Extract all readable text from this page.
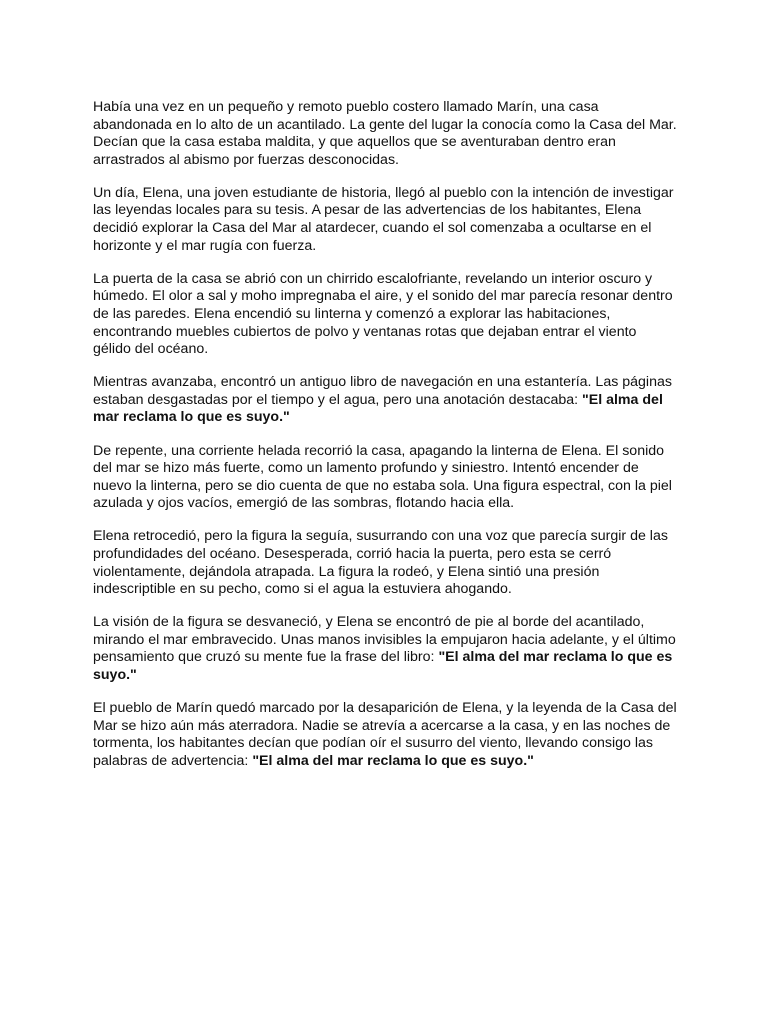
Había una vez en un pequeño y remoto pueblo costero llamado Marín, una casa abandonada en lo alto de un acantilado. La gente del lugar la conocía como la Casa del Mar. Decían que la casa estaba maldita, y que aquellos que se aventuraban dentro eran arrastrados al abismo por fuerzas desconocidas.

Un día, Elena, una joven estudiante de historia, llegó al pueblo con la intención de investigar las leyendas locales para su tesis. A pesar de las advertencias de los habitantes, Elena decidió explorar la Casa del Mar al atardecer, cuando el sol comenzaba a ocultarse en el horizonte y el mar rugía con fuerza.

La puerta de la casa se abrió con un chirrido escalofriante, revelando un interior oscuro y húmedo. El olor a sal y moho impregnaba el aire, y el sonido del mar parecía resonar dentro de las paredes. Elena encendió su linterna y comenzó a explorar las habitaciones, encontrando muebles cubiertos de polvo y ventanas rotas que dejaban entrar el viento gélido del océano.

Mientras avanzaba, encontró un antiguo libro de navegación en una estantería. Las páginas estaban desgastadas por el tiempo y el agua, pero una anotación destacaba: "El alma del mar reclama lo que es suyo."

De repente, una corriente helada recorrió la casa, apagando la linterna de Elena. El sonido del mar se hizo más fuerte, como un lamento profundo y siniestro. Intentó encender de nuevo la linterna, pero se dio cuenta de que no estaba sola. Una figura espectral, con la piel azulada y ojos vacíos, emergió de las sombras, flotando hacia ella.

Elena retrocedió, pero la figura la seguía, susurrando con una voz que parecía surgir de las profundidades del océano. Desesperada, corrió hacia la puerta, pero esta se cerró violentamente, dejándola atrapada. La figura la rodeó, y Elena sintió una presión indescriptible en su pecho, como si el agua la estuviera ahogando.

La visión de la figura se desvaneció, y Elena se encontró de pie al borde del acantilado, mirando el mar embravecido. Unas manos invisibles la empujaron hacia adelante, y el último pensamiento que cruzó su mente fue la frase del libro: "El alma del mar reclama lo que es suyo."

El pueblo de Marín quedó marcado por la desaparición de Elena, y la leyenda de la Casa del Mar se hizo aún más aterradora. Nadie se atrevía a acercarse a la casa, y en las noches de tormenta, los habitantes decían que podían oír el susurro del viento, llevando consigo las palabras de advertencia: "El alma del mar reclama lo que es suyo."
